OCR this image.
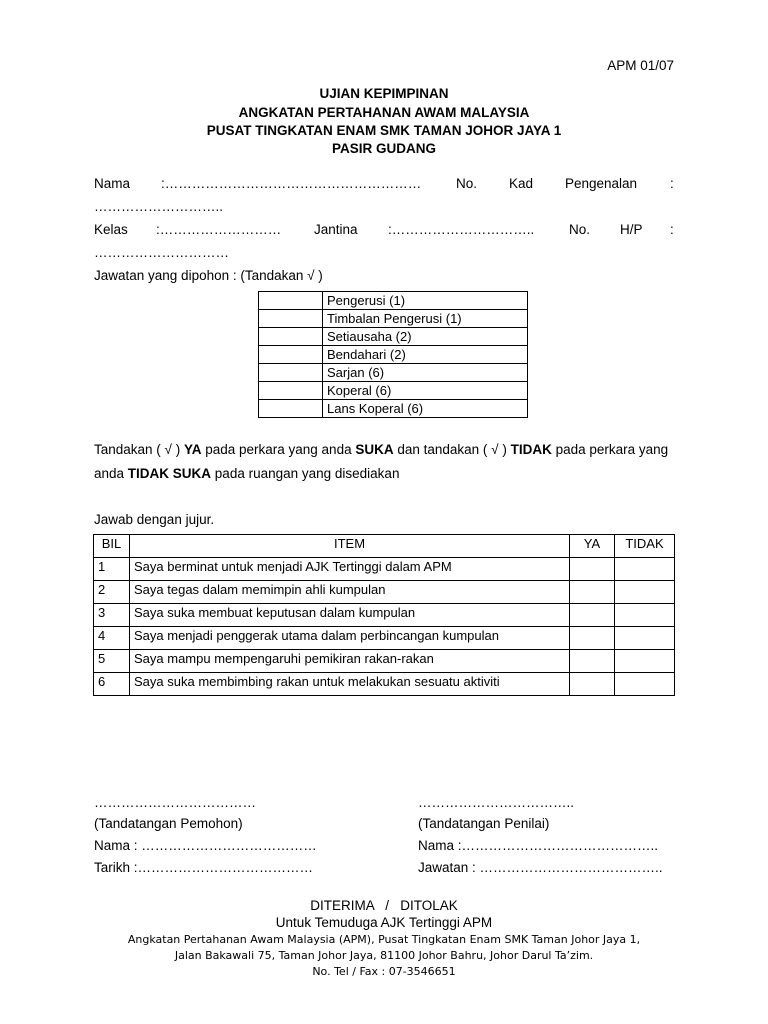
APM 01/07
UJIAN KEPIMPINAN
ANGKATAN PERTAHANAN AWAM MALAYSIA
PUSAT TINGKATAN ENAM SMK TAMAN JOHOR JAYA 1
PASIR GUDANG
Nama :…………………………………………………	No. Kad Pengenalan :
………………………..
Kelas :……………………… Jantina :…………………………..	No. H/P :
…………………………
Jawatan yang dipohon : (Tandakan √ )
	Pengerusi (1)
	Timbalan Pengerusi (1)
	Setiausaha (2)
	Bendahari (2)
	Sarjan (6)
	Koperal (6)
	Lans Koperal (6)
Tandakan ( √ ) YA pada perkara yang anda SUKA dan tandakan ( √ ) TIDAK pada perkara yang anda TIDAK SUKA pada ruangan yang disediakan
Jawab dengan jujur.
BIL	ITEM	YA	TIDAK
1	Saya berminat untuk menjadi AJK Tertinggi dalam APM		
2	Saya tegas dalam memimpin ahli kumpulan		
3	Saya suka membuat keputusan dalam kumpulan		
4	Saya menjadi penggerak utama dalam perbincangan kumpulan		
5	Saya mampu mempengaruhi pemikiran rakan-rakan		
6	Saya suka membimbing rakan untuk melakukan sesuatu aktiviti		
………………………………	……………………………..
(Tandatangan Pemohon)	(Tandatangan Penilai)
Nama : …………………………………	Nama :……………………………………..
Tarikh :…………………………………	Jawatan : …………………………………..
DITERIMA   /   DITOLAK
Untuk Temuduga AJK Tertinggi APM
Angkatan Pertahanan Awam Malaysia (APM), Pusat Tingkatan Enam SMK Taman Johor Jaya 1,
Jalan Bakawali 75, Taman Johor Jaya, 81100 Johor Bahru, Johor Darul Ta’zim.
No. Tel / Fax : 07-3546651
